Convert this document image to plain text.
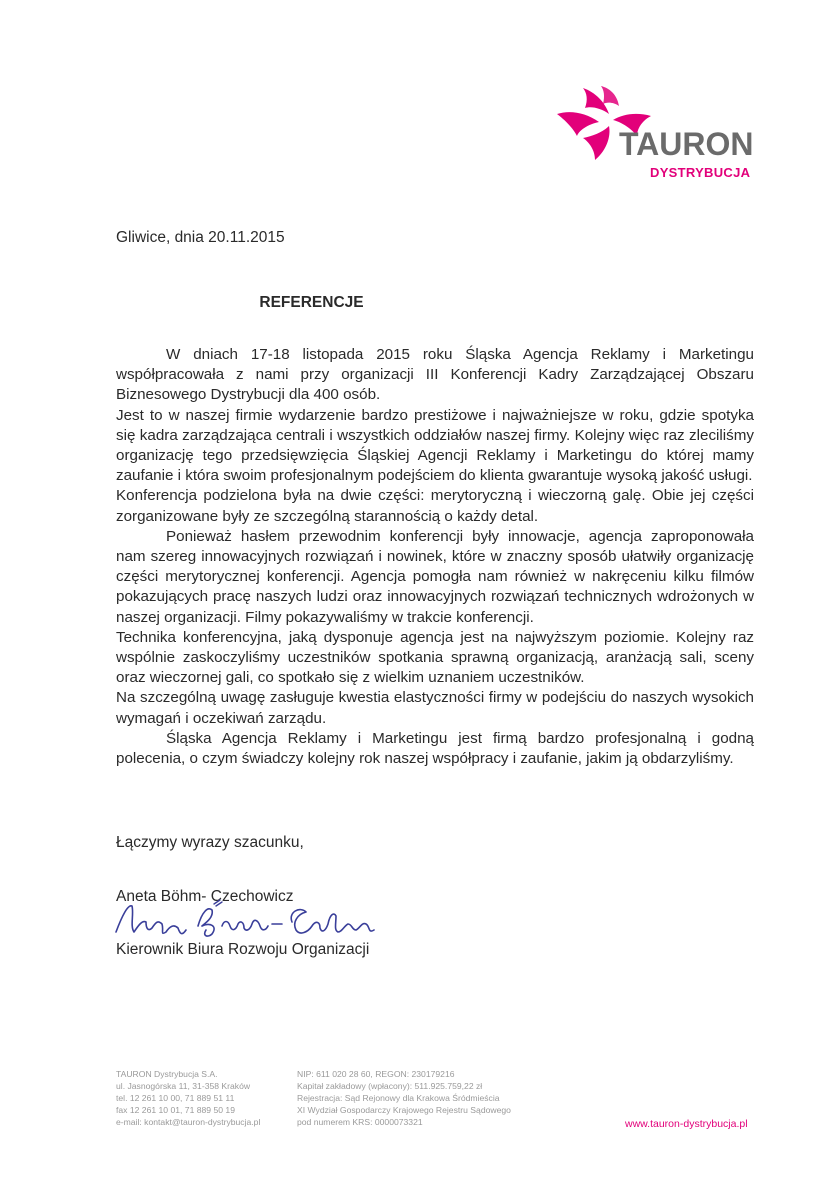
TAURON
DYSTRYBUCJA
Gliwice, dnia 20.11.2015
REFERENCJE

W dniach 17-18 listopada 2015 roku Śląska Agencja Reklamy i Marketingu współpracowała z nami przy organizacji III Konferencji Kadry Zarządzającej Obszaru Biznesowego Dystrybucji dla 400 osób.

Jest to w naszej firmie wydarzenie bardzo prestiżowe i najważniejsze w roku, gdzie spotyka się kadra zarządzająca centrali i wszystkich oddziałów naszej firmy. Kolejny więc raz zleciliśmy organizację tego przedsięwzięcia Śląskiej Agencji Reklamy i Marketingu do której mamy zaufanie i która swoim profesjonalnym podejściem do klienta gwarantuje wysoką jakość usługi.

Konferencja podzielona była na dwie części: merytoryczną i wieczorną galę. Obie jej części zorganizowane były ze szczególną starannością o każdy detal.

Ponieważ hasłem przewodnim konferencji były innowacje, agencja zaproponowała nam szereg innowacyjnych rozwiązań i nowinek, które w znaczny sposób ułatwiły organizację części merytorycznej konferencji. Agencja pomogła nam również w nakręceniu kilku filmów pokazujących pracę naszych ludzi oraz innowacyjnych rozwiązań technicznych wdrożonych w naszej organizacji. Filmy pokazywaliśmy w trakcie konferencji.

Technika konferencyjna, jaką dysponuje agencja jest na najwyższym poziomie. Kolejny raz wspólnie zaskoczyliśmy uczestników spotkania sprawną organizacją, aranżacją sali, sceny oraz wieczornej gali, co spotkało się z wielkim uznaniem uczestników.

Na szczególną uwagę zasługuje kwestia elastyczności firmy w podejściu do naszych wysokich wymagań i oczekiwań zarządu.

Śląska Agencja Reklamy i Marketingu jest firmą bardzo profesjonalną i godną polecenia, o czym świadczy kolejny rok naszej współpracy i zaufanie, jakim ją obdarzyliśmy.

Łączymy wyrazy szacunku,
Aneta Böhm- Czechowicz
Kierownik Biura Rozwoju Organizacji
TAURON Dystrybucja S.A.
ul. Jasnogórska 11, 31-358 Kraków
tel. 12 261 10 00, 71 889 51 11
fax 12 261 10 01, 71 889 50 19
e-mail: kontakt@tauron-dystrybucja.pl
NIP: 611 020 28 60, REGON: 230179216
Kapitał zakładowy (wpłacony): 511.925.759,22 zł
Rejestracja: Sąd Rejonowy dla Krakowa Śródmieścia
XI Wydział Gospodarczy Krajowego Rejestru Sądowego
pod numerem KRS: 0000073321	www.tauron-dystrybucja.pl
